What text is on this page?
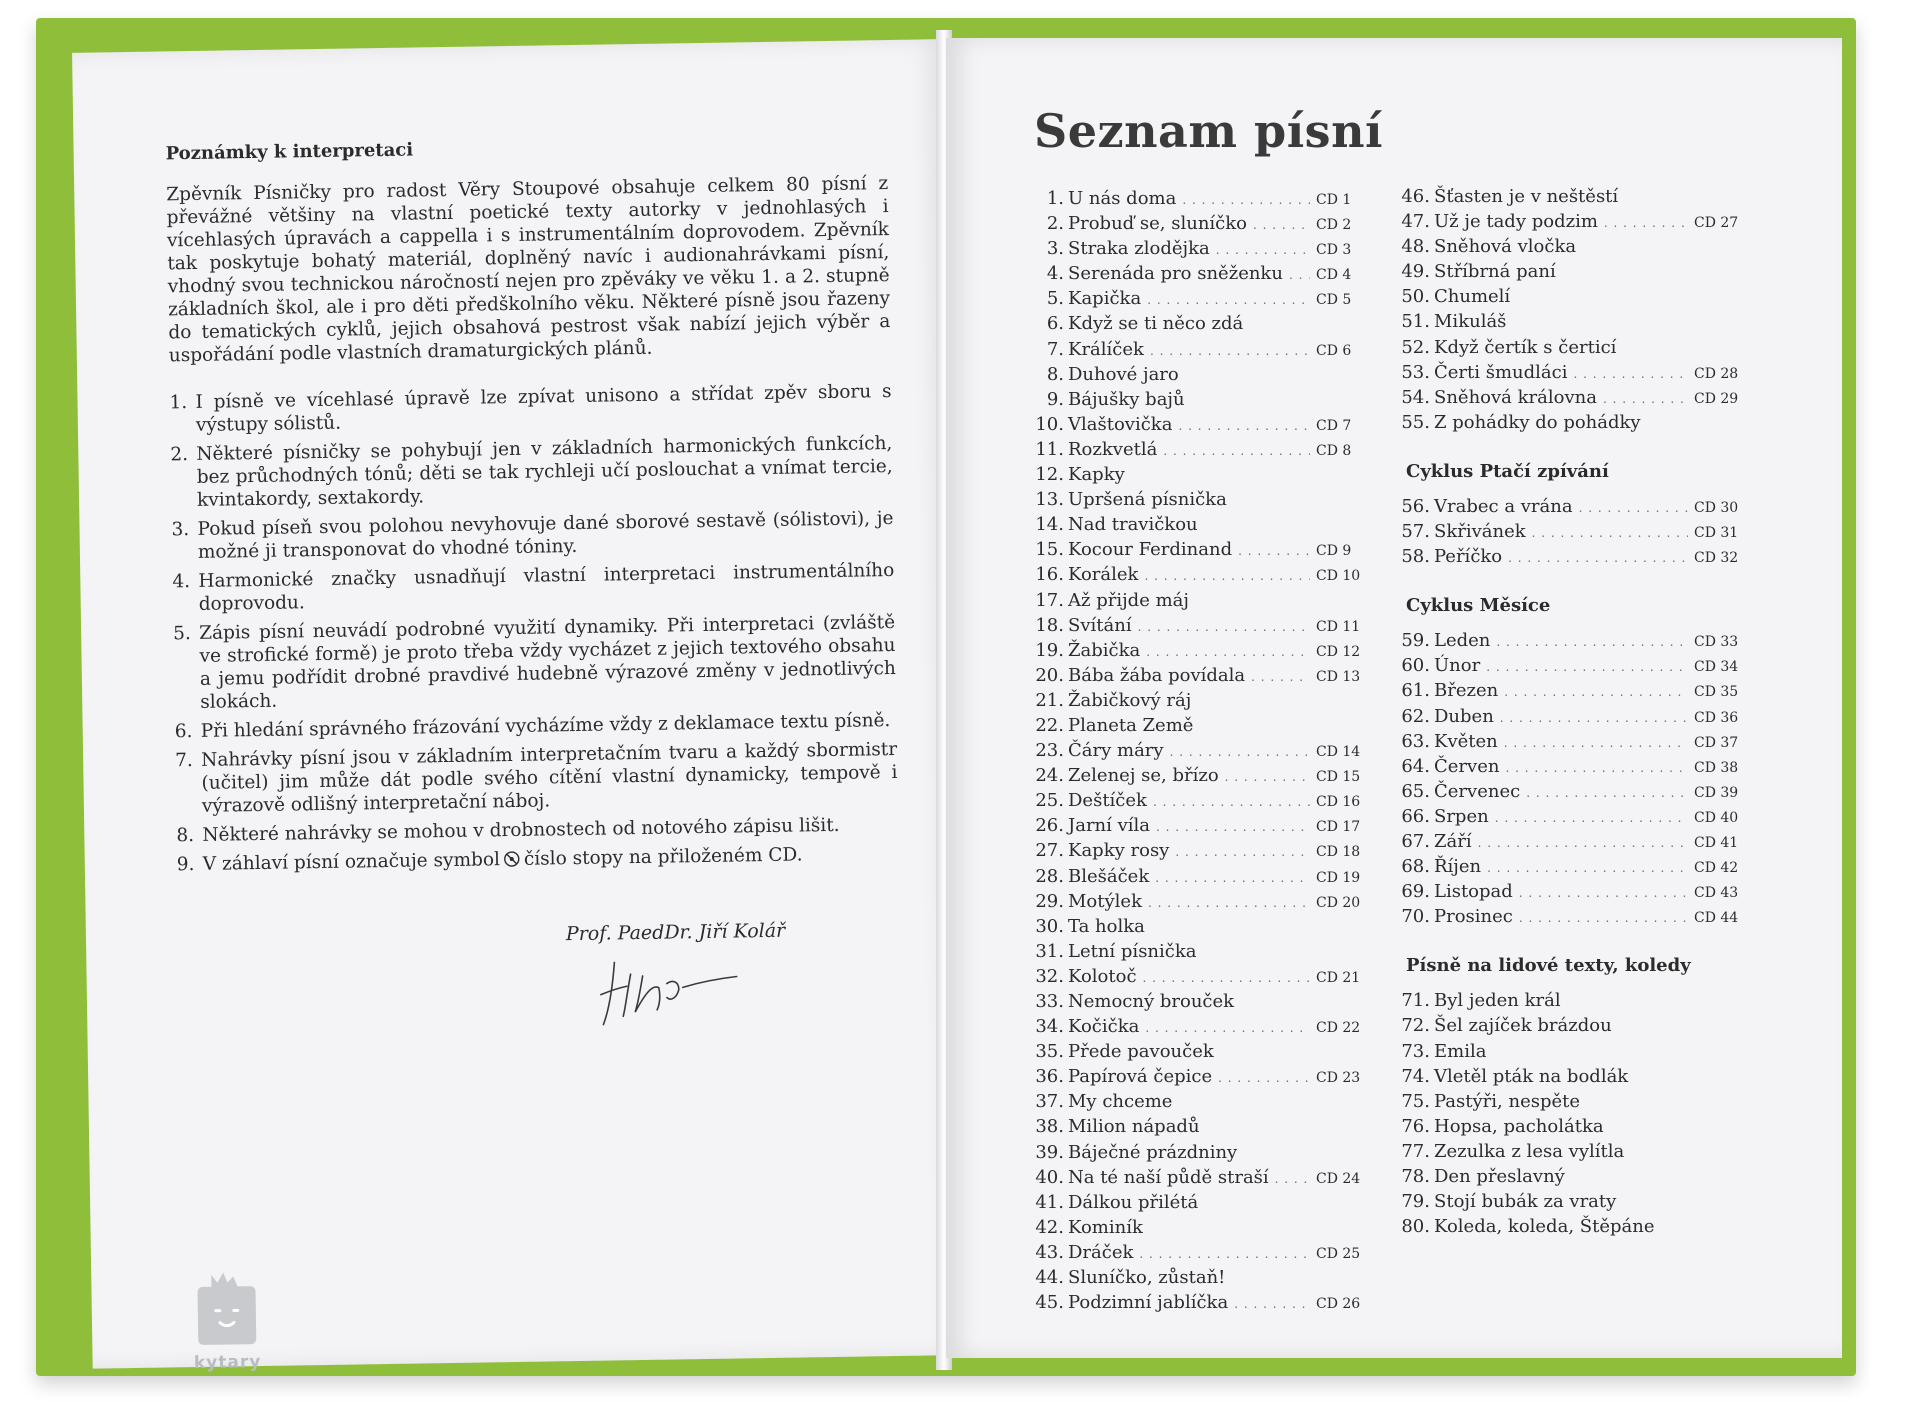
Poznámky k interpretaci

Zpěvník Písničky pro radost Věry Stoupové obsahuje celkem 80 písní z převážné většiny na vlastní poetické texty autorky v jednohlasých i vícehlasých úpravách a cappella i s instrumentálním doprovodem. Zpěvník tak poskytuje bohatý materiál, doplněný navíc i audionahrávkami písní, vhodný svou technickou náročností nejen pro zpěváky ve věku 1. a 2. stupně základních škol, ale i pro děti předškolního věku. Některé písně jsou řazeny do tematických cyklů, jejich obsahová pestrost však nabízí jejich výběr a uspořádání podle vlastních dramaturgických plánů.

1. I písně ve vícehlasé úpravě lze zpívat unisono a střídat zpěv sboru s výstupy sólistů.
2. Některé písničky se pohybují jen v základních harmonických funkcích, bez průchodných tónů; děti se tak rychleji učí poslouchat a vnímat tercie, kvintakordy, sextakordy.
3. Pokud píseň svou polohou nevyhovuje dané sborové sestavě (sólistovi), je možné ji transponovat do vhodné tóniny.
4. Harmonické značky usnadňují vlastní interpretaci instrumentálního doprovodu.
5. Zápis písní neuvádí podrobné využití dynamiky. Při interpretaci (zvláště ve strofické formě) je proto třeba vždy vycházet z jejich textového obsahu a jemu podřídit drobné pravdivé hudebně výrazové změny v jednotlivých slokách.
6. Při hledání správného frázování vycházíme vždy z deklamace textu písně.
7. Nahrávky písní jsou v základním interpretačním tvaru a každý sbormistr (učitel) jim může dát podle svého cítění vlastní dynamicky, tempově i výrazově odlišný interpretační náboj.
8. Některé nahrávky se mohou v drobnostech od notového zápisu lišit.
9. V záhlaví písní označuje symbol číslo stopy na přiloženém CD.

Prof. PaedDr. Jiří Kolář

kytary
Seznam písní
1. U nás doma . . .	CD 1
2. Probuď se, sluníčko . . .	CD 2
3. Straka zlodějka . . .	CD 3
4. Serenáda pro sněženku . . . CD 4
5. Kapička . . .	CD 5
6. Když se ti něco zdá
7. Králíček . . .	CD 6
8. Duhové jaro
9. Bájušky bajů
10. Vlaštovička . . .	CD 7
11. Rozkvetlá . . .	CD 8
12. Kapky
13. Upršená písnička
14. Nad travičkou
15. Kocour Ferdinand . . .	CD 9
16. Korálek . . .	CD 10
17. Až přijde máj
18. Svítání . . .	CD 11
19. Žabička . . .	CD 12
20. Bába žába povídala . . .	CD 13
21. Žabičkový ráj
22. Planeta Země
23. Čáry máry . . .	CD 14
24. Zelenej se, břízo . . .	CD 15
25. Deštíček . . .	CD 16
26. Jarní víla . . .	CD 17
27. Kapky rosy . . .	CD 18
28. Blešáček . . .	CD 19
29. Motýlek . . .	CD 20
30. Ta holka
31. Letní písnička
32. Kolotoč . . .	CD 21
33. Nemocný brouček
34. Kočička . . .	CD 22
35. Přede pavouček
36. Papírová čepice . . .	CD 23
37. My chceme
38. Milion nápadů
39. Báječné prázdniny
40. Na té naší půdě straší . . .	CD 24
41. Dálkou přilétá
42. Kominík
43. Dráček . . .	CD 25
44. Sluníčko, zůstaň!
45. Podzimní jablíčka . . .	CD 26
46. Šťasten je v neštěstí
47. Už je tady podzim . . .	CD 27
48. Sněhová vločka
49. Stříbrná paní
50. Chumelí
51. Mikuláš
52. Když čertík s čerticí
53. Čerti šmudláci . . .	CD 28
54. Sněhová královna . . .	CD 29
55. Z pohádky do pohádky
Cyklus Ptačí zpívání
56. Vrabec a vrána . . .	CD 30
57. Skřivánek . . .	CD 31
58. Peříčko . . .	CD 32
Cyklus Měsíce
59. Leden . . .	CD 33
60. Únor . . .	CD 34
61. Březen . . .	CD 35
62. Duben . . .	CD 36
63. Květen . . .	CD 37
64. Červen . . .	CD 38
65. Červenec . . .	CD 39
66. Srpen . . .	CD 40
67. Září . . .	CD 41
68. Říjen . . .	CD 42
69. Listopad . . .	CD 43
70. Prosinec . . .	CD 44
Písně na lidové texty, koledy
71. Byl jeden král
72. Šel zajíček brázdou
73. Emila
74. Vletěl pták na bodlák
75. Pastýři, nespěte
76. Hopsa, pacholátka
77. Zezulka z lesa vylítla
78. Den přeslavný
79. Stojí bubák za vraty
80. Koleda, koleda, Štěpáne
